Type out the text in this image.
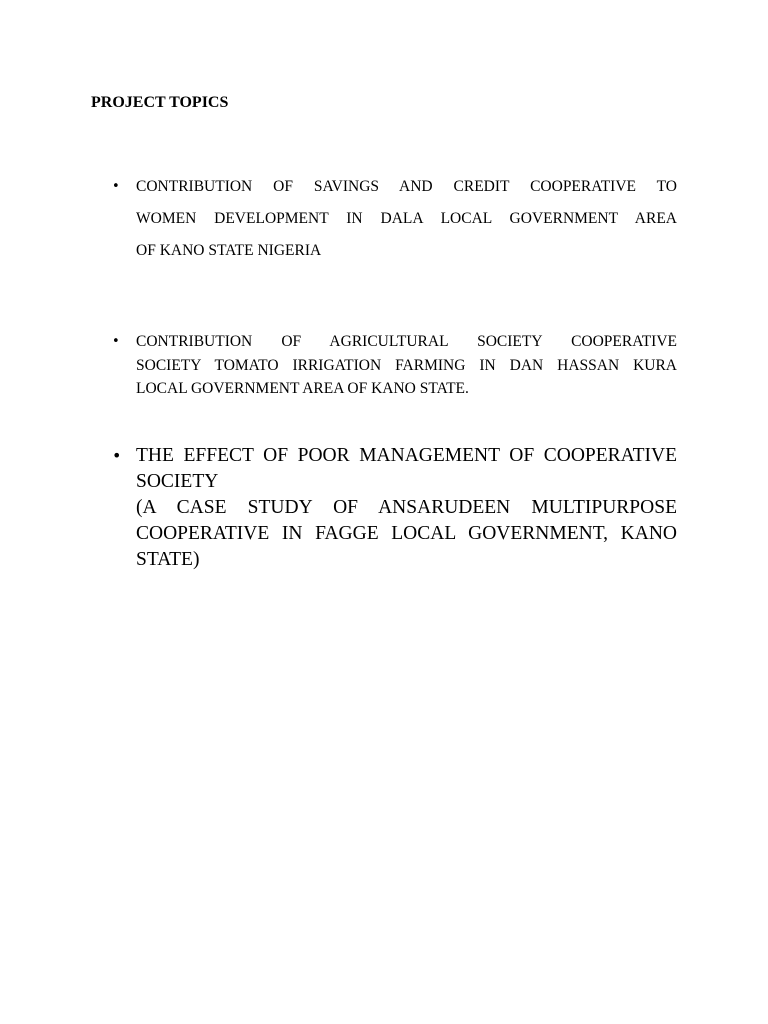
PROJECT TOPICS
• CONTRIBUTION OF SAVINGS AND CREDIT COOPERATIVE TO
WOMEN DEVELOPMENT IN DALA LOCAL GOVERNMENT AREA
OF KANO STATE NIGERIA
• CONTRIBUTION OF AGRICULTURAL SOCIETY COOPERATIVE
SOCIETY TOMATO IRRIGATION FARMING IN DAN HASSAN KURA
LOCAL GOVERNMENT AREA OF KANO STATE.
• THE EFFECT OF POOR MANAGEMENT OF COOPERATIVE
SOCIETY
(A CASE STUDY OF ANSARUDEEN MULTIPURPOSE
COOPERATIVE IN FAGGE LOCAL GOVERNMENT, KANO
STATE)
